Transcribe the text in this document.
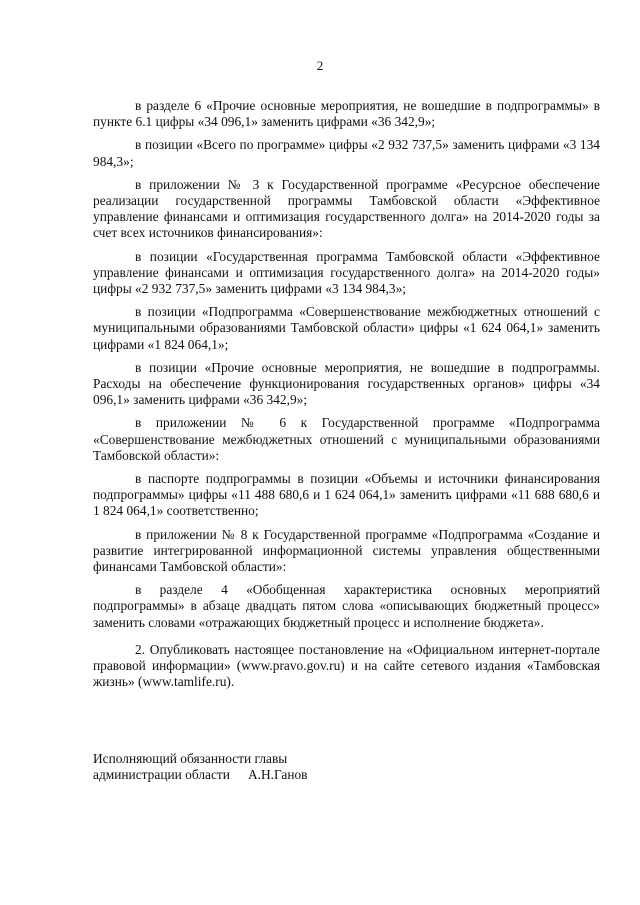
2

в разделе 6 «Прочие основные мероприятия, не вошедшие в подпрограммы» в пункте 6.1 цифры «34 096,1» заменить цифрами «36 342,9»;

в позиции «Всего по программе» цифры «2 932 737,5» заменить цифрами «3 134 984,3»;

в приложении № 3 к Государственной программе «Ресурсное обеспечение реализации государственной программы Тамбовской области «Эффективное управление финансами и оптимизация государственного долга» на 2014-2020 годы за счет всех источников финансирования»:

в позиции «Государственная программа Тамбовской области «Эффективное управление финансами и оптимизация государственного долга» на 2014-2020 годы» цифры «2 932 737,5» заменить цифрами «3 134 984,3»;

в позиции «Подпрограмма «Совершенствование межбюджетных отношений с муниципальными образованиями Тамбовской области» цифры «1 624 064,1» заменить цифрами «1 824 064,1»;

в позиции «Прочие основные мероприятия, не вошедшие в подпрограммы. Расходы на обеспечение функционирования государственных органов» цифры «34 096,1» заменить цифрами «36 342,9»;

в приложении № 6 к Государственной программе «Подпрограмма «Совершенствование межбюджетных отношений с муниципальными образованиями Тамбовской области»:

в паспорте подпрограммы в позиции «Объемы и источники финансирования подпрограммы» цифры «11 488 680,6 и 1 624 064,1» заменить цифрами «11 688 680,6 и 1 824 064,1» соответственно;

в приложении № 8 к Государственной программе «Подпрограмма «Создание и развитие интегрированной информационной системы управления общественными финансами Тамбовской области»:

в разделе 4 «Обобщенная характеристика основных мероприятий подпрограммы» в абзаце двадцать пятом слова «описывающих бюджетный процесс» заменить словами «отражающих бюджетный процесс и исполнение бюджета».

2. Опубликовать настоящее постановление на «Официальном интернет-портале правовой информации» (www.pravo.gov.ru) и на сайте сетевого издания «Тамбовская жизнь» (www.tamlife.ru).

Исполняющий обязанности главы
администрации области А.Н.Ганов
